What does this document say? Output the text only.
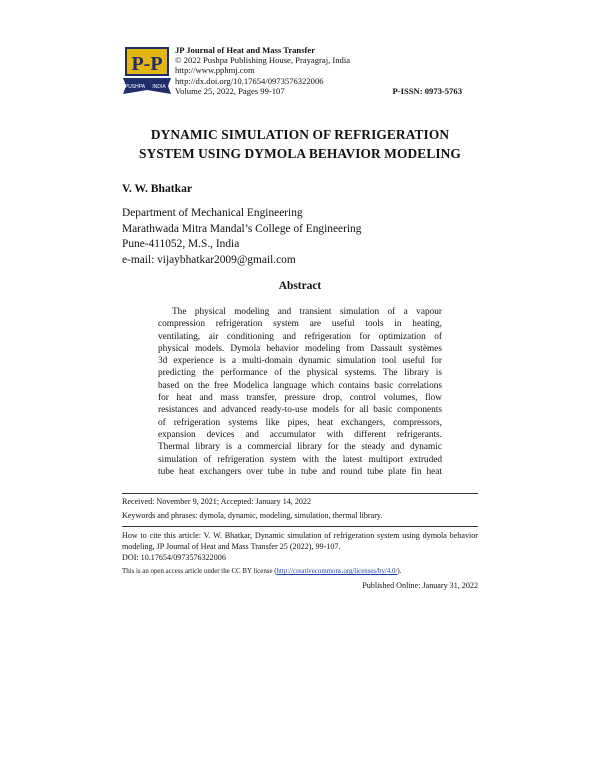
P-P
PUSHPA INDIA
JP Journal of Heat and Mass Transfer
© 2022 Pushpa Publishing House, Prayagraj, India
http://www.pphmj.com
http://dx.doi.org/10.17654/0973576322006
Volume 25, 2022, Pages 99-107	P-ISSN: 0973-5763
DYNAMIC SIMULATION OF REFRIGERATION
SYSTEM USING DYMOLA BEHAVIOR MODELING
V. W. Bhatkar
Department of Mechanical Engineering
Marathwada Mitra Mandal’s College of Engineering
Pune-411052, M.S., India
e-mail: vijaybhatkar2009@gmail.com
Abstract
The physical modeling and transient simulation of a vapour
compression refrigeration system are useful tools in heating,
ventilating, air conditioning and refrigeration for optimization of
physical models. Dymola behavior modeling from Dassault systèmes
3d experience is a multi-domain dynamic simulation tool useful for
predicting the performance of the physical systems. The library is
based on the free Modelica language which contains basic correlations
for heat and mass transfer, pressure drop, control volumes, flow
resistances and advanced ready-to-use models for all basic components
of refrigeration systems like pipes, heat exchangers, compressors,
expansion devices and accumulator with different refrigerants.
Thermal library is a commercial library for the steady and dynamic
simulation of refrigeration system with the latest multiport extruded
tube heat exchangers over tube in tube and round tube plate fin heat
Received: November 9, 2021; Accepted: January 14, 2022
Keywords and phrases: dymola, dynamic, modeling, simulation, thermal library.
How to cite this article: V. W. Bhatkar, Dynamic simulation of refrigeration system using dymola behavior modeling, JP Journal of Heat and Mass Transfer 25 (2022), 99-107.
DOI: 10.17654/0973576322006
This is an open access article under the CC BY license (http://creativecommons.org/licenses/by/4.0/).
Published Online: January 31, 2022
